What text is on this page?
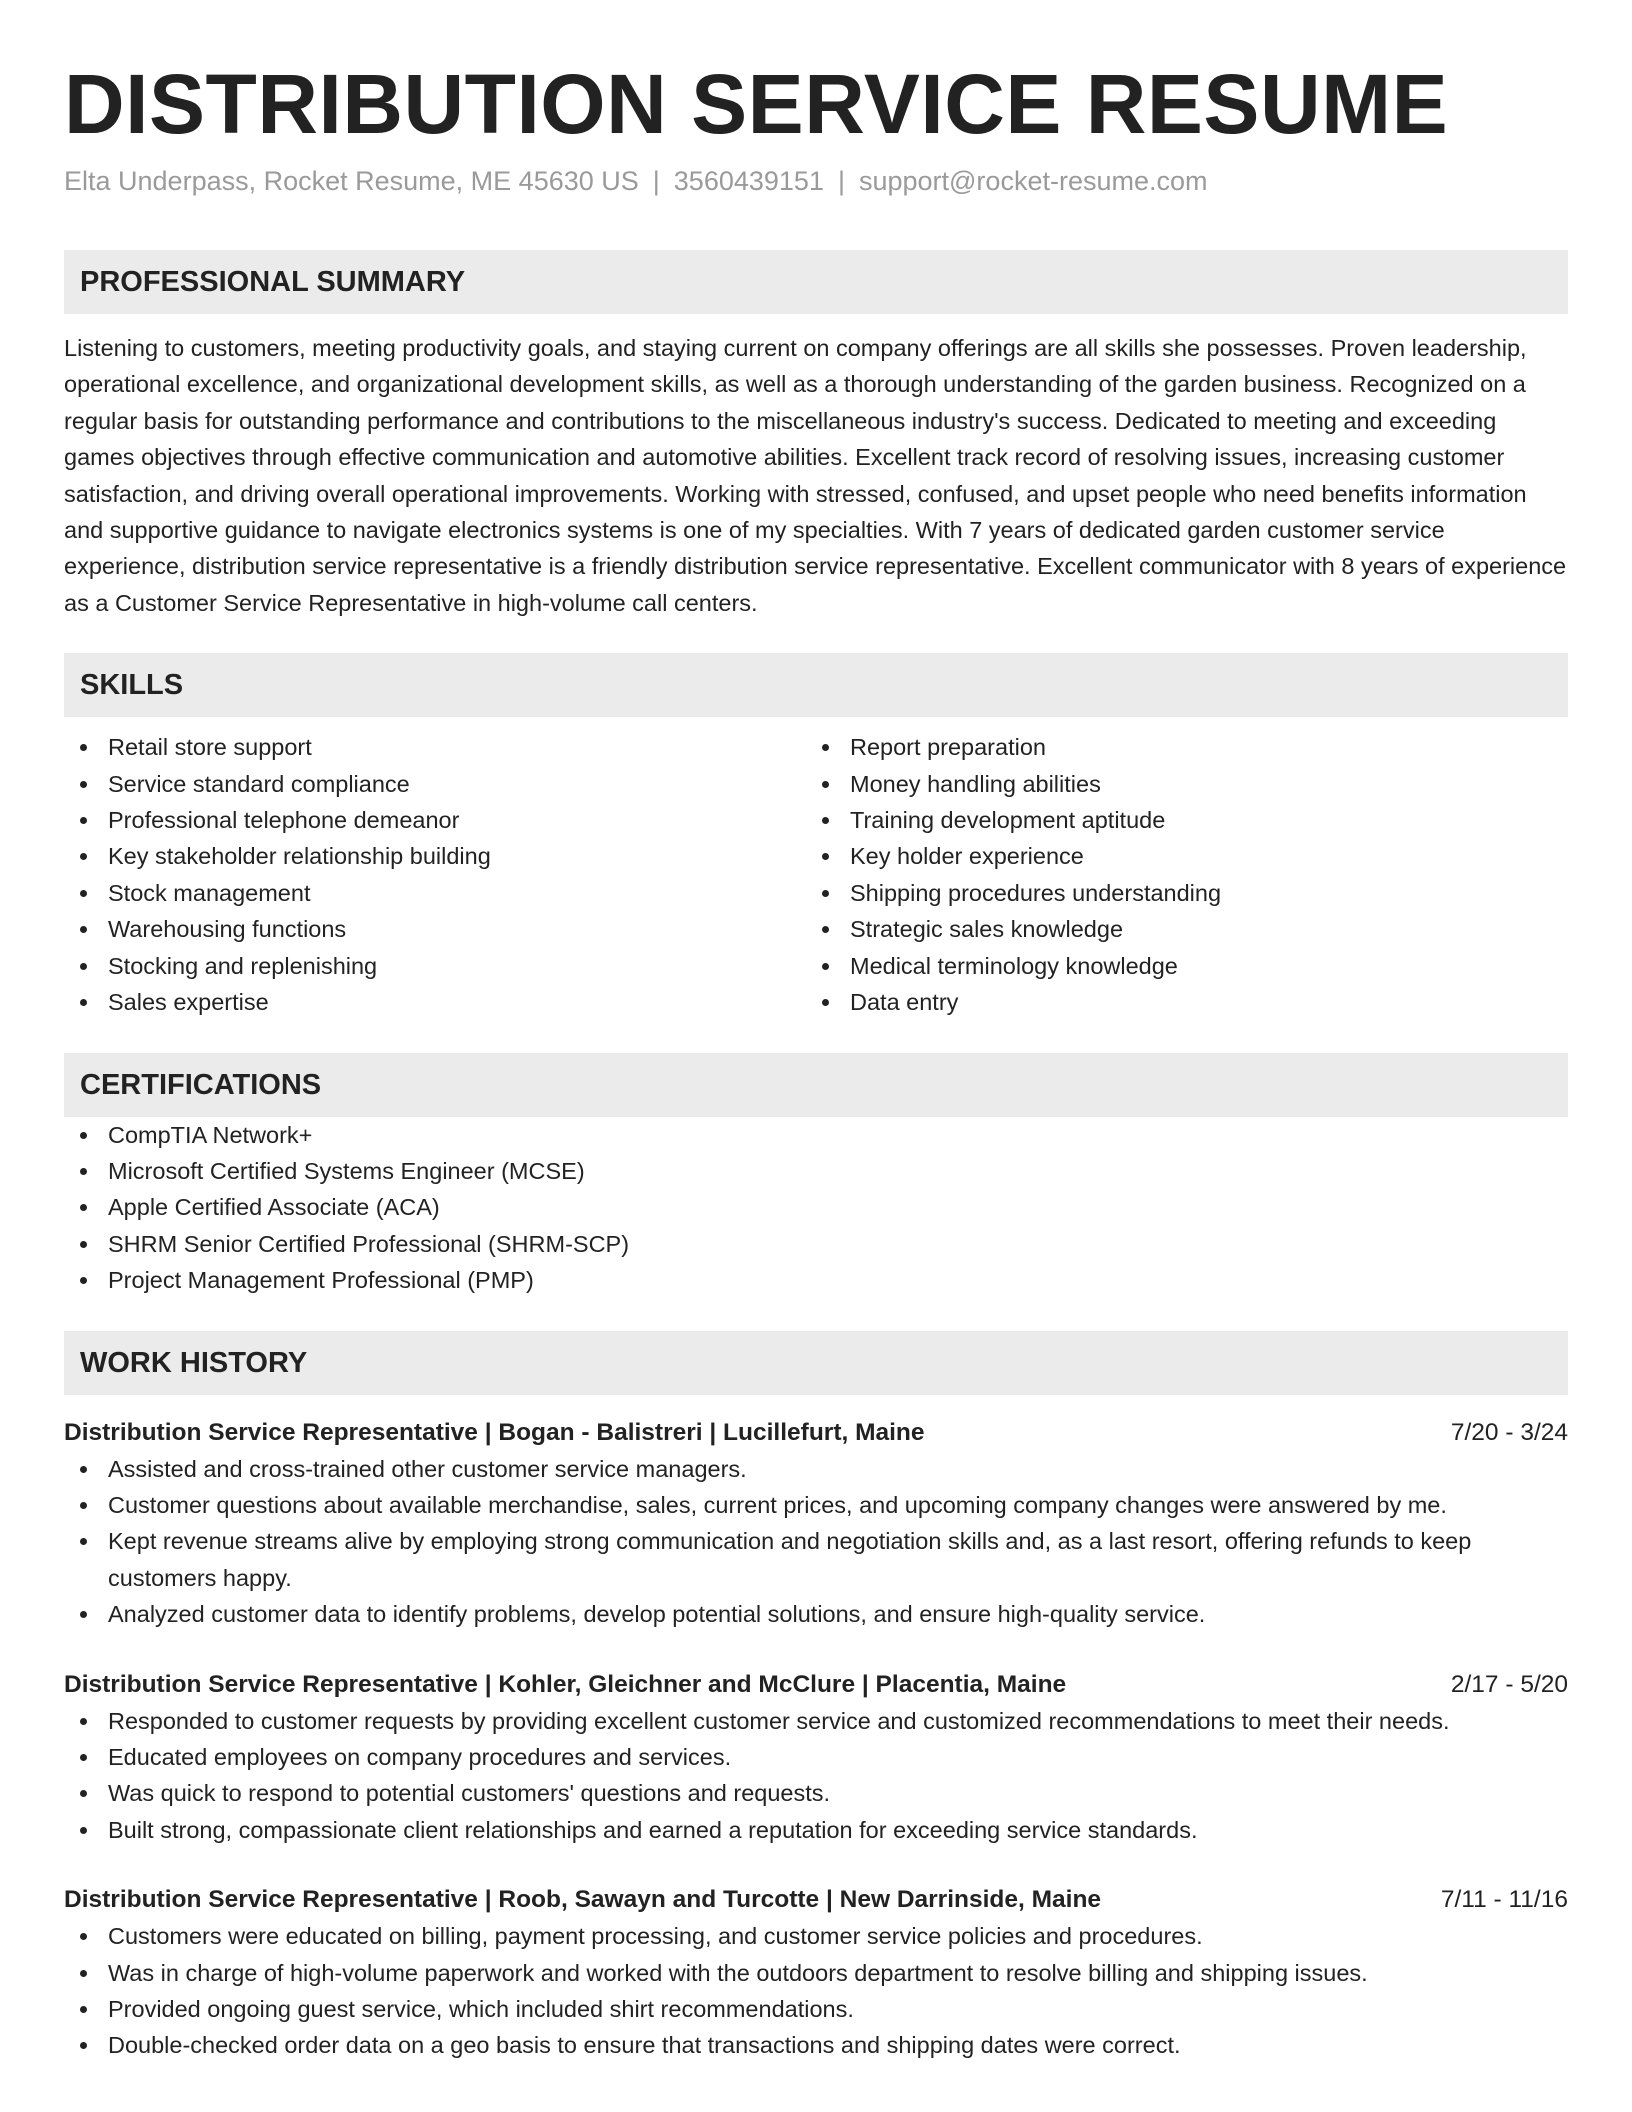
DISTRIBUTION SERVICE RESUME
Elta Underpass, Rocket Resume, ME 45630 US | 3560439151 | support@rocket-resume.com
PROFESSIONAL SUMMARY

Listening to customers, meeting productivity goals, and staying current on company offerings are all skills she possesses. Proven leadership, operational excellence, and organizational development skills, as well as a thorough understanding of the garden business. Recognized on a regular basis for outstanding performance and contributions to the miscellaneous industry's success. Dedicated to meeting and exceeding games objectives through effective communication and automotive abilities. Excellent track record of resolving issues, increasing customer satisfaction, and driving overall operational improvements. Working with stressed, confused, and upset people who need benefits information and supportive guidance to navigate electronics systems is one of my specialties. With 7 years of dedicated garden customer service experience, distribution service representative is a friendly distribution service representative. Excellent communicator with 8 years of experience as a Customer Service Representative in high-volume call centers.

SKILLS
Retail store support
Service standard compliance
Professional telephone demeanor
Key stakeholder relationship building
Stock management
Warehousing functions
Stocking and replenishing
Sales expertise
Report preparation
Money handling abilities
Training development aptitude
Key holder experience
Shipping procedures understanding
Strategic sales knowledge
Medical terminology knowledge
Data entry
CERTIFICATIONS
CompTIA Network+
Microsoft Certified Systems Engineer (MCSE)
Apple Certified Associate (ACA)
SHRM Senior Certified Professional (SHRM-SCP)
Project Management Professional (PMP)
WORK HISTORY
Distribution Service Representative | Bogan - Balistreri | Lucillefurt, Maine	7/20 - 3/24
Assisted and cross-trained other customer service managers.
Customer questions about available merchandise, sales, current prices, and upcoming company changes were answered by me.
Kept revenue streams alive by employing strong communication and negotiation skills and, as a last resort, offering refunds to keep customers happy.
Analyzed customer data to identify problems, develop potential solutions, and ensure high-quality service.
Distribution Service Representative | Kohler, Gleichner and McClure | Placentia, Maine	2/17 - 5/20
Responded to customer requests by providing excellent customer service and customized recommendations to meet their needs.
Educated employees on company procedures and services.
Was quick to respond to potential customers' questions and requests.
Built strong, compassionate client relationships and earned a reputation for exceeding service standards.
Distribution Service Representative | Roob, Sawayn and Turcotte | New Darrinside, Maine	7/11 - 11/16
Customers were educated on billing, payment processing, and customer service policies and procedures.
Was in charge of high-volume paperwork and worked with the outdoors department to resolve billing and shipping issues.
Provided ongoing guest service, which included shirt recommendations.
Double-checked order data on a geo basis to ensure that transactions and shipping dates were correct.
